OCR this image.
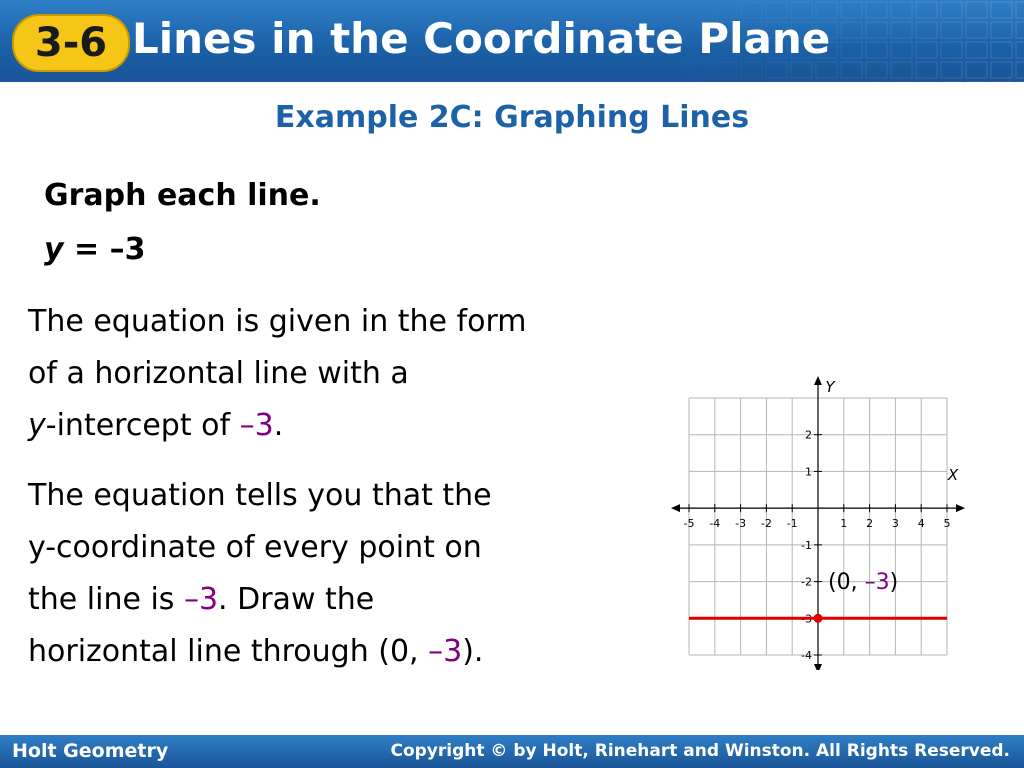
3-6 Lines in the Coordinate Plane
Example 2C: Graphing Lines
Graph each line.
y = –3
The equation is given in the form
of a horizontal line with a
y-intercept of –3.
The equation tells you that the
y-coordinate of every point on
the line is –3. Draw the
horizontal line through (0, –3).
-5 -4 -3 -2 -1	1 2 3 4 5
2
1
-1
-2
-3
-4
X
Y
(0, –3)
Holt Geometry	Copyright © by Holt, Rinehart and Winston. All Rights Reserved.
